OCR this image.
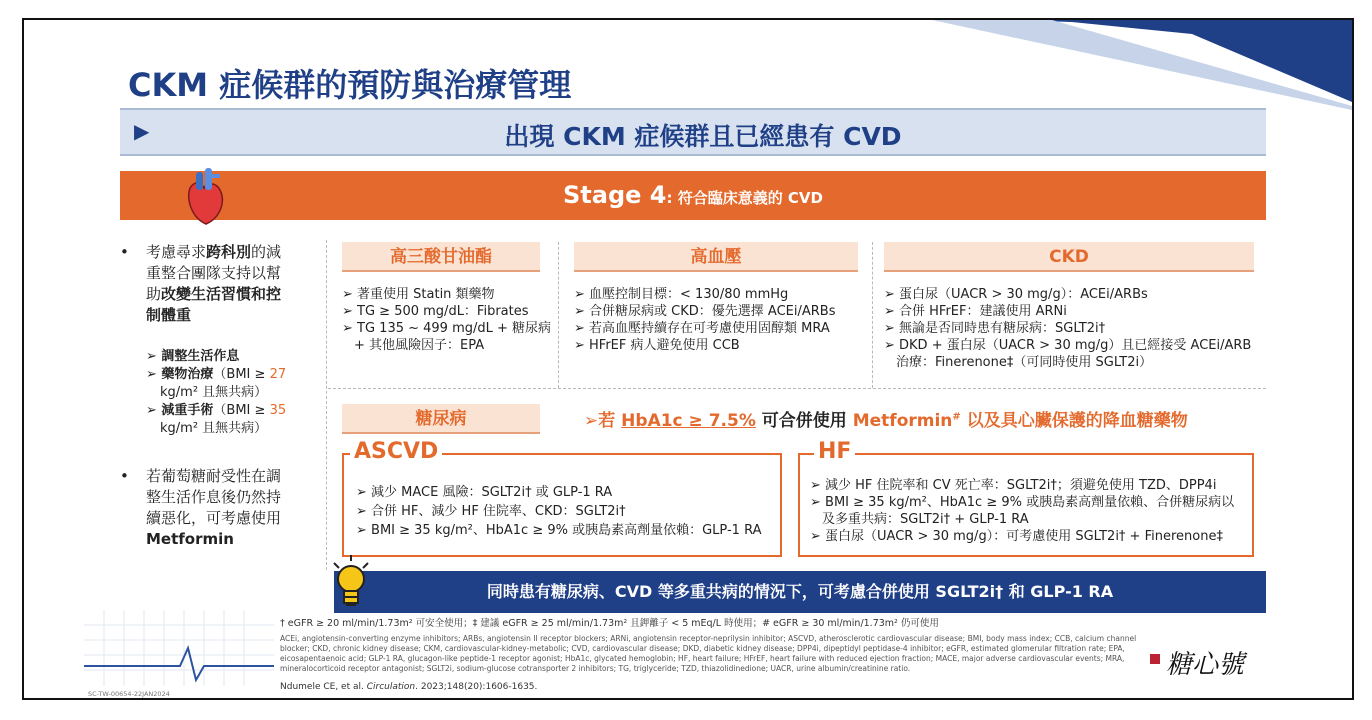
CKM 症候群的預防與治療管理
▶	出現 CKM 症候群且已經患有 CVD
Stage 4: 符合臨床意義的 CVD
• 考慮尋求跨科別的減
重整合團隊支持以幫
助改變生活習慣和控
制體重
➢ 調整生活作息
➢ 藥物治療（BMI ≥ 27
kg/m² 且無共病）
➢ 減重手術（BMI ≥ 35
kg/m² 且無共病）
• 若葡萄糖耐受性在調
整生活作息後仍然持
續惡化，可考慮使用
Metformin
高三酸甘油酯
➢ 著重使用 Statin 類藥物
➢ TG ≥ 500 mg/dL：Fibrates
➢ TG 135 ~ 499 mg/dL + 糖尿病
+ 其他風險因子：EPA
高血壓
➢ 血壓控制目標：< 130/80 mmHg
➢ 合併糖尿病或 CKD：優先選擇 ACEi/ARBs
➢ 若高血壓持續存在可考慮使用固醇類 MRA
➢ HFrEF 病人避免使用 CCB
CKD
➢ 蛋白尿（UACR > 30 mg/g）：ACEi/ARBs
➢ 合併 HFrEF：建議使用 ARNi
➢ 無論是否同時患有糖尿病：SGLT2i†
➢ DKD + 蛋白尿（UACR > 30 mg/g）且已經接受 ACEi/ARB
治療：Finerenone‡（可同時使用 SGLT2i）
糖尿病	➢若 HbA1c ≥ 7.5% 可合併使用 Metformin# 以及具心臟保護的降血糖藥物
ASCVD
➢ 減少 MACE 風險：SGLT2i† 或 GLP-1 RA
➢ 合併 HF、減少 HF 住院率、CKD：SGLT2i†
➢ BMI ≥ 35 kg/m²、HbA1c ≥ 9% 或胰島素高劑量依賴：GLP-1 RA
HF
➢ 減少 HF 住院率和 CV 死亡率：SGLT2i†；須避免使用 TZD、DPP4i
➢ BMI ≥ 35 kg/m²、HbA1c ≥ 9% 或胰島素高劑量依賴、合併糖尿病以
及多重共病：SGLT2i† + GLP-1 RA
➢ 蛋白尿（UACR > 30 mg/g）：可考慮使用 SGLT2i† + Finerenone‡
同時患有糖尿病、CVD 等多重共病的情況下，可考慮合併使用 SGLT2i† 和 GLP-1 RA
† eGFR ≥ 20 ml/min/1.73m² 可安全使用；‡ 建議 eGFR ≥ 25 ml/min/1.73m² 且鉀離子 < 5 mEq/L 時使用；# eGFR ≥ 30 ml/min/1.73m² 仍可使用
ACEi, angiotensin-converting enzyme inhibitors; ARBs, angiotensin II receptor blockers; ARNi, angiotensin receptor-neprilysin inhibitor; ASCVD, atherosclerotic cardiovascular disease; BMI, body mass index; CCB, calcium channel blocker; CKD, chronic kidney disease; CKM, cardiovascular-kidney-metabolic; CVD, cardiovascular disease; DKD, diabetic kidney disease; DPP4i, dipeptidyl peptidase-4 inhibitor; eGFR, estimated glomerular filtration rate; EPA, eicosapentaenoic acid; GLP-1 RA, glucagon-like peptide-1 receptor agonist; HbA1c, glycated hemoglobin; HF, heart failure; HFrEF, heart failure with reduced ejection fraction; MACE, major adverse cardiovascular events; MRA, mineralocorticoid receptor antagonist; SGLT2i, sodium-glucose cotransporter 2 inhibitors; TG, triglyceride; TZD, thiazolidinedione; UACR, urine albumin/creatinine ratio.
Ndumele CE, et al. Circulation. 2023;148(20):1606-1635.
SC-TW-00654-22JAN2024
糖心號
